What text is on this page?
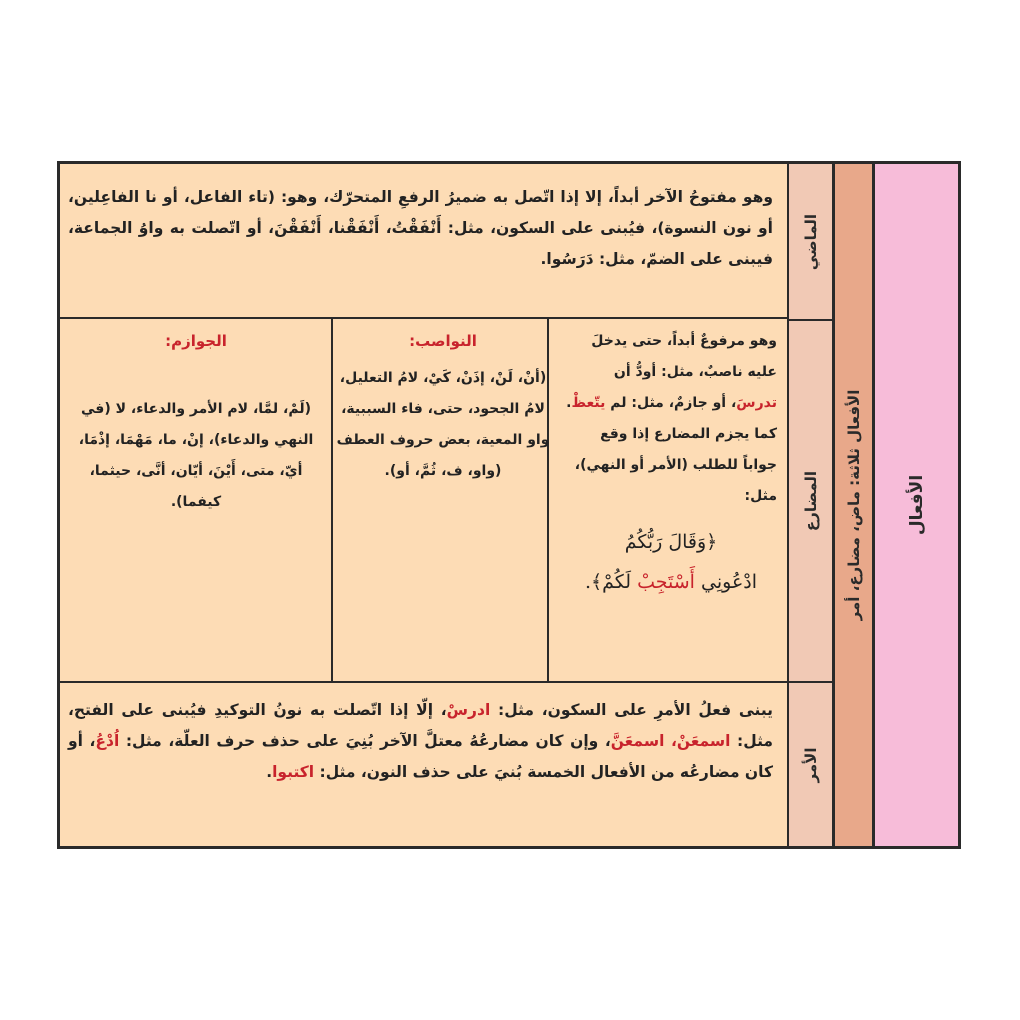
الأفعال
الأفعال ثلاثة: ماض، مضارع، أمر
الماضي
المضارع
الأمر
وهو مفتوحُ الآخر أبداً، إلا إذا اتّصل به ضميرُ الرفعِ المتحرّك، وهو: (تاء الفاعل، أو نا الفاعِلين، أو نون النسوة)، فيُبنى على السكون، مثل: أَنْفَقْتُ، أَنْفَقْنا، أَنْفَقْنَ، أو اتّصلت به واوُ الجماعة، فيبنى على الضمّ، مثل: دَرَسُوا.
وهو مرفوعٌ أبداً، حتى يدخلَ عليه ناصبٌ، مثل: أودُّ أن تدرسَ، أو جازمٌ، مثل: لم يتّعظْ. كما يجزم المضارع إذا وقع جواباً للطلب (الأمر أو النهي)، مثل:
﴿وَقَالَ رَبُّكُمُ
ادْعُونِي أَسْتَجِبْ لَكُمْ﴾.
النواصب:
(أنْ، لَنْ، إذَنْ، كَيْ، لامُ التعليل، لامُ الجحود، حتى، فاء السببية، واو المعية، بعض حروف العطف (واو، ف، ثُمَّ، أو).
الجوازم:
(لَمْ، لمَّا، لام الأمر والدعاء، لا (في النهي والدعاء)، إنْ، ما، مَهْمَا، إذْمَا، أيّ، متى، أَيْنَ، أيّان، أنَّى، حيثما، كيفما).
يبنى فعلُ الأمرِ على السكون، مثل: ادرسْ، إلّا إذا اتّصلت به نونُ التوكيدِ فيُبنى على الفتح، مثل: اسمعَنْ، اسمعَنَّ، وإن كان مضارعُهُ معتلَّ الآخر بُنِيَ على حذف حرف العلّة، مثل: اُدْعُ، أو كان مضارعُه من الأفعال الخمسة بُنيَ على حذف النون، مثل: اكتبوا.
